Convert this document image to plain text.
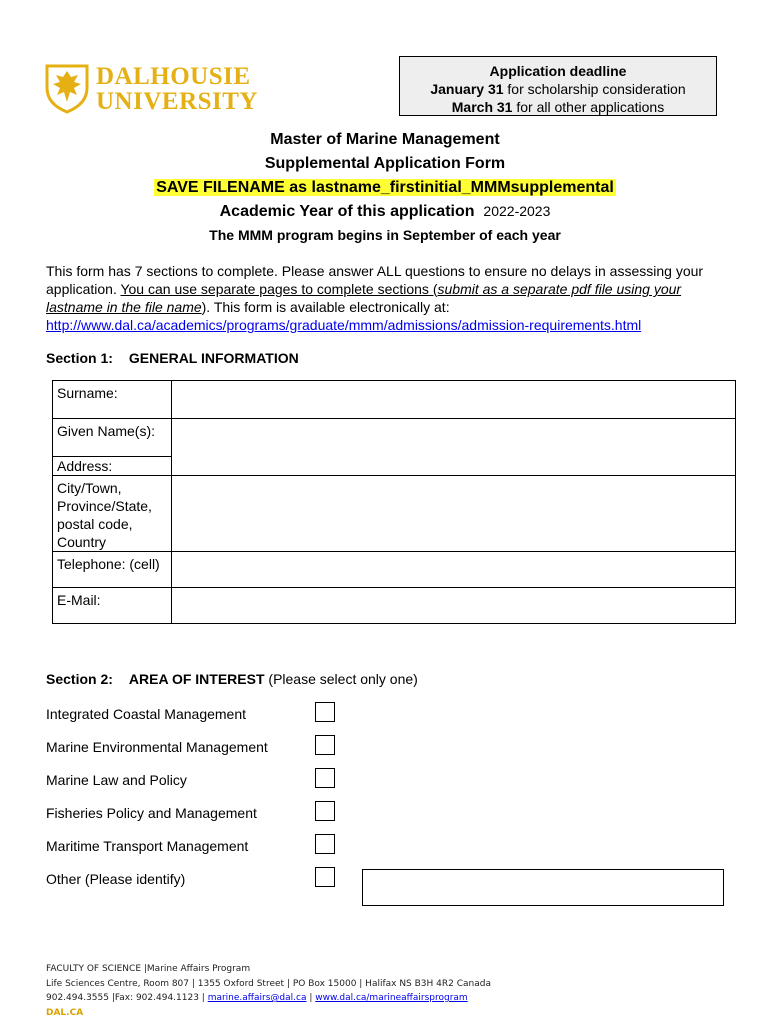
DALHOUSIE
UNIVERSITY
Application deadline
January 31 for scholarship consideration
March 31 for all other applications
Master of Marine Management
Supplemental Application Form
SAVE FILENAME as lastname_firstinitial_MMMsupplemental
Academic Year of this application 2022-2023
The MMM program begins in September of each year
This form has 7 sections to complete. Please answer ALL questions to ensure no delays in assessing your application. You can use separate pages to complete sections (submit as a separate pdf file using your lastname in the file name). This form is available electronically at:
http://www.dal.ca/academics/programs/graduate/mmm/admissions/admission-requirements.html
Section 1: GENERAL INFORMATION
Surname:	
Given Name(s):	
Address:	
City/Town, Province/State, postal code, Country	
Telephone: (cell)	
E-Mail:	
Section 2: AREA OF INTEREST (Please select only one)
Integrated Coastal Management
Marine Environmental Management
Marine Law and Policy
Fisheries Policy and Management
Maritime Transport Management
Other (Please identify)
FACULTY OF SCIENCE |Marine Affairs Program
Life Sciences Centre, Room 807 | 1355 Oxford Street | PO Box 15000 | Halifax NS B3H 4R2 Canada
902.494.3555 |Fax: 902.494.1123 | marine.affairs@dal.ca | www.dal.ca/marineaffairsprogram
DAL.CA
